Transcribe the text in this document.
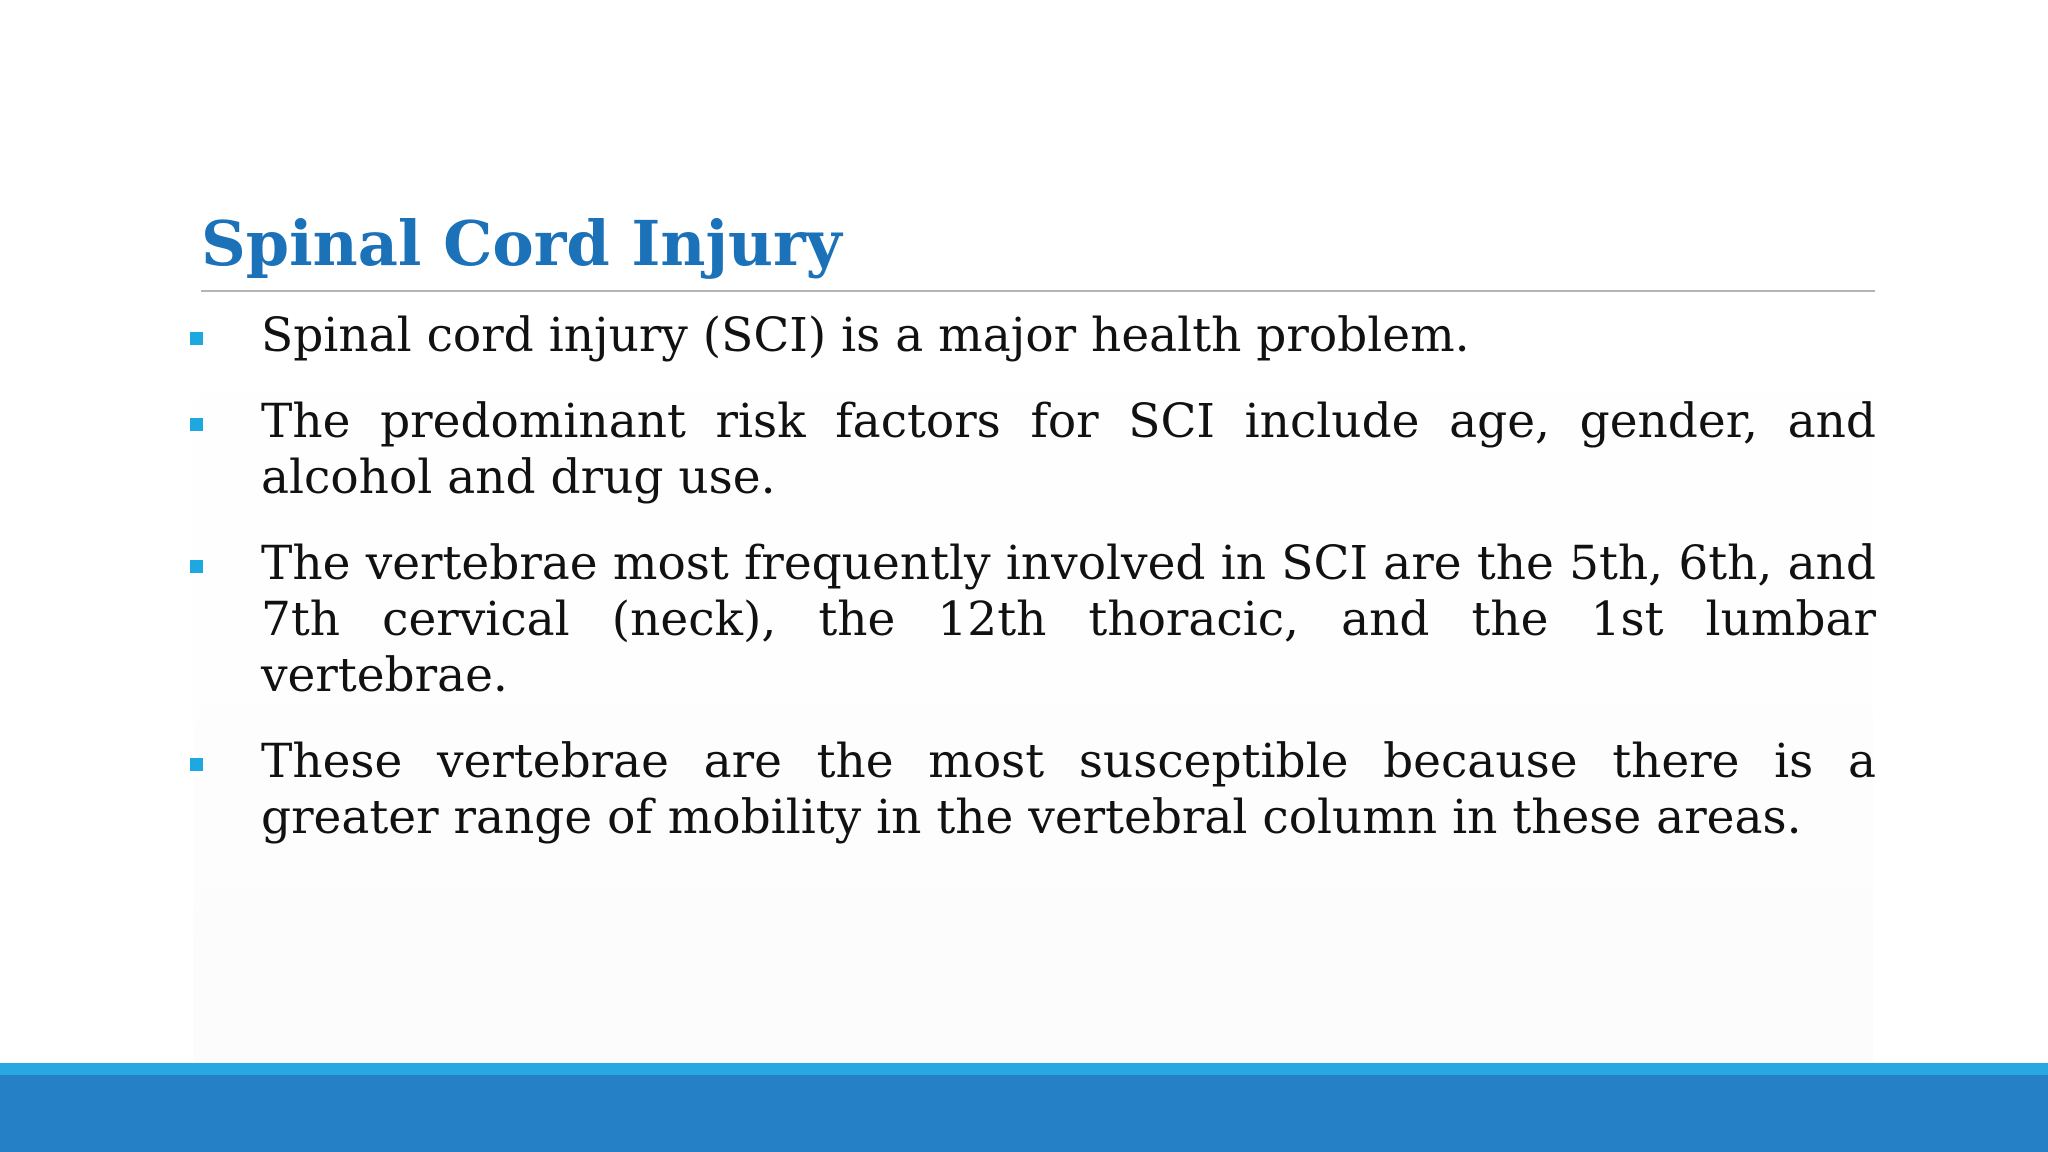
Spinal Cord Injury
Spinal cord injury (SCI) is a major health problem.
The predominant risk factors for SCI include age, gender, and alcohol and drug use.
The vertebrae most frequently involved in SCI are the 5th, 6th, and 7th cervical (neck), the 12th thoracic, and the 1st lumbar vertebrae.
These vertebrae are the most susceptible because there is a greater range of mobility in the vertebral column in these areas.
